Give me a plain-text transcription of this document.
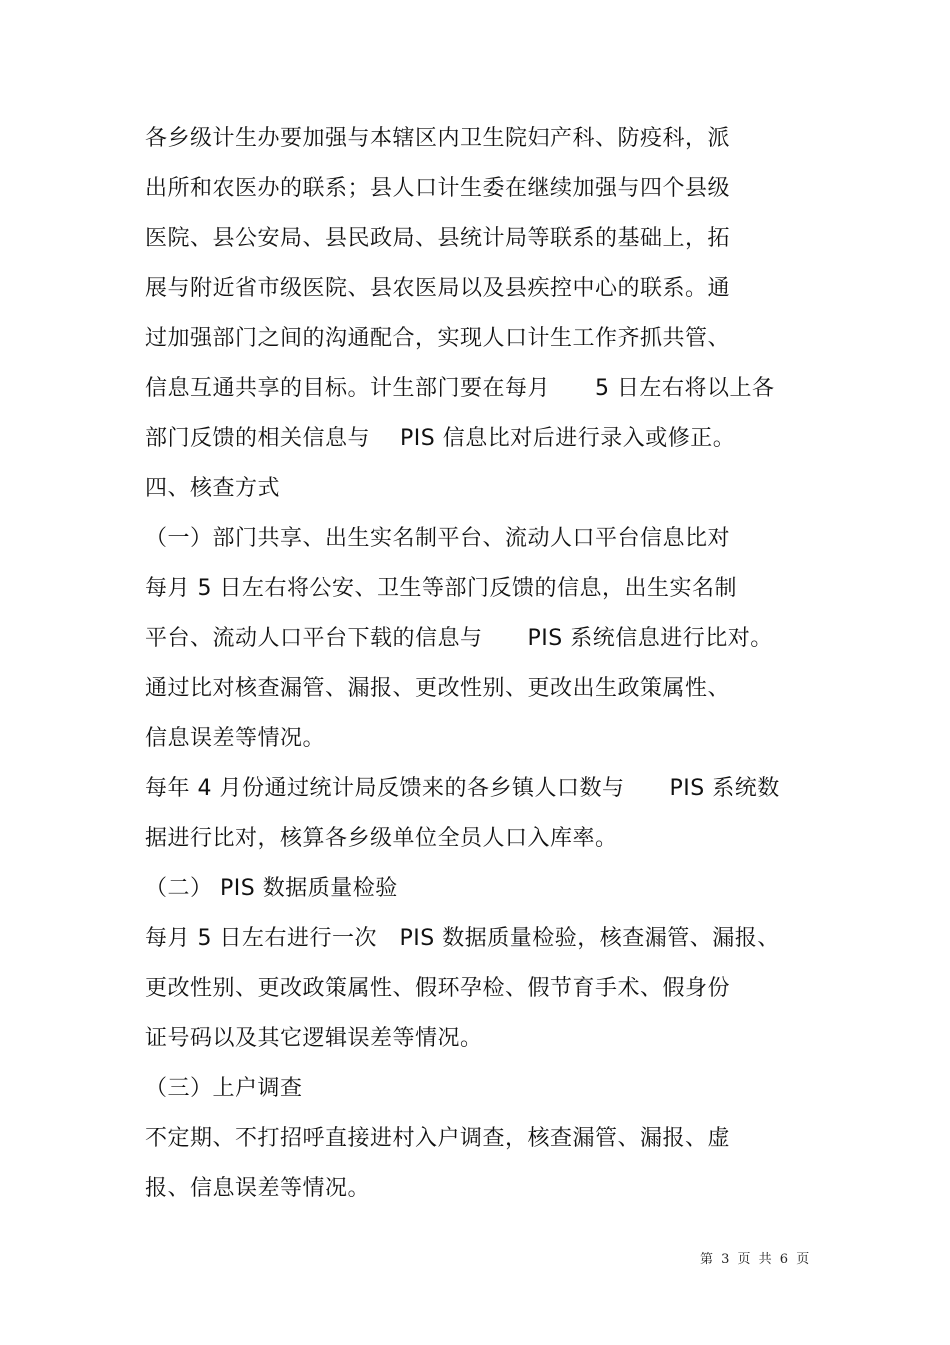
各乡级计生办要加强与本辖区内卫生院妇产科、防疫科，派
出所和农医办的联系；县人口计生委在继续加强与四个县级
医院、县公安局、县民政局、县统计局等联系的基础上，拓
展与附近省市级医院、县农医局以及县疾控中心的联系。通
过加强部门之间的沟通配合，实现人口计生工作齐抓共管、
信息互通共享的目标。计生部门要在每月　　5 日左右将以上各
部门反馈的相关信息与　 PIS 信息比对后进行录入或修正。
四、核查方式
（一）部门共享、出生实名制平台、流动人口平台信息比对
每月 5 日左右将公安、卫生等部门反馈的信息，出生实名制
平台、流动人口平台下载的信息与　　PIS 系统信息进行比对。
通过比对核查漏管、漏报、更改性别、更改出生政策属性、
信息误差等情况。
每年 4 月份通过统计局反馈来的各乡镇人口数与　　PIS 系统数
据进行比对，核算各乡级单位全员人口入库率。
（二） PIS 数据质量检验
每月 5 日左右进行一次　PIS 数据质量检验，核查漏管、漏报、
更改性别、更改政策属性、假环孕检、假节育手术、假身份
证号码以及其它逻辑误差等情况。
（三）上户调查
不定期、不打招呼直接进村入户调查，核查漏管、漏报、虚
报、信息误差等情况。
第 3 页 共 6 页
